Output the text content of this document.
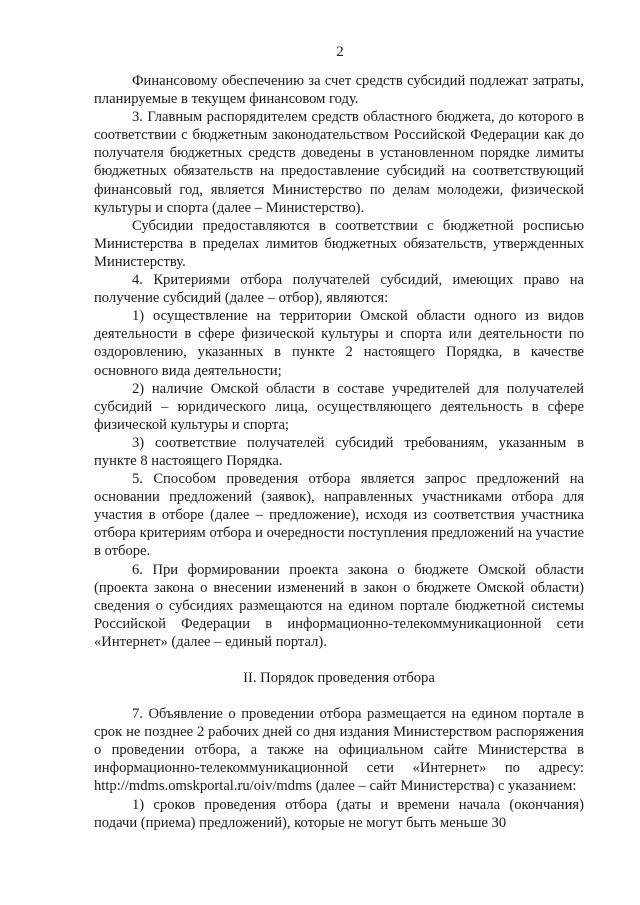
2

Финансовому обеспечению за счет средств субсидий подлежат затраты, планируемые в текущем финансовом году.

3. Главным распорядителем средств областного бюджета, до которого в соответствии с бюджетным законодательством Российской Федерации как до получателя бюджетных средств доведены в установленном порядке лимиты бюджетных обязательств на предоставление субсидий на соответствующий финансовый год, является Министерство по делам молодежи, физической культуры и спорта (далее – Министерство).

Субсидии предоставляются в соответствии с бюджетной росписью Министерства в пределах лимитов бюджетных обязательств, утвержденных Министерству.

4. Критериями отбора получателей субсидий, имеющих право на получение субсидий (далее – отбор), являются:

1) осуществление на территории Омской области одного из видов деятельности в сфере физической культуры и спорта или деятельности по оздоровлению, указанных в пункте 2 настоящего Порядка, в качестве основного вида деятельности;

2) наличие Омской области в составе учредителей для получателей субсидий – юридического лица, осуществляющего деятельность в сфере физической культуры и спорта;

3) соответствие получателей субсидий требованиям, указанным в пункте 8 настоящего Порядка.

5. Способом проведения отбора является запрос предложений на основании предложений (заявок), направленных участниками отбора для участия в отборе (далее – предложение), исходя из соответствия участника отбора критериям отбора и очередности поступления предложений на участие в отборе.

6. При формировании проекта закона о бюджете Омской области (проекта закона о внесении изменений в закон о бюджете Омской области) сведения о субсидиях размещаются на едином портале бюджетной системы Российской Федерации в информационно-телекоммуникационной сети «Интернет» (далее – единый портал).

II. Порядок проведения отбора

7. Объявление о проведении отбора размещается на едином портале в срок не позднее 2 рабочих дней со дня издания Министерством распоряжения о проведении отбора, а также на официальном сайте Министерства в информационно-телекоммуникационной сети «Интернет» по адресу: http://mdms.omskportal.ru/oiv/mdms (далее – сайт Министерства) с указанием:

1) сроков проведения отбора (даты и времени начала (окончания) подачи (приема) предложений), которые не могут быть меньше 30
